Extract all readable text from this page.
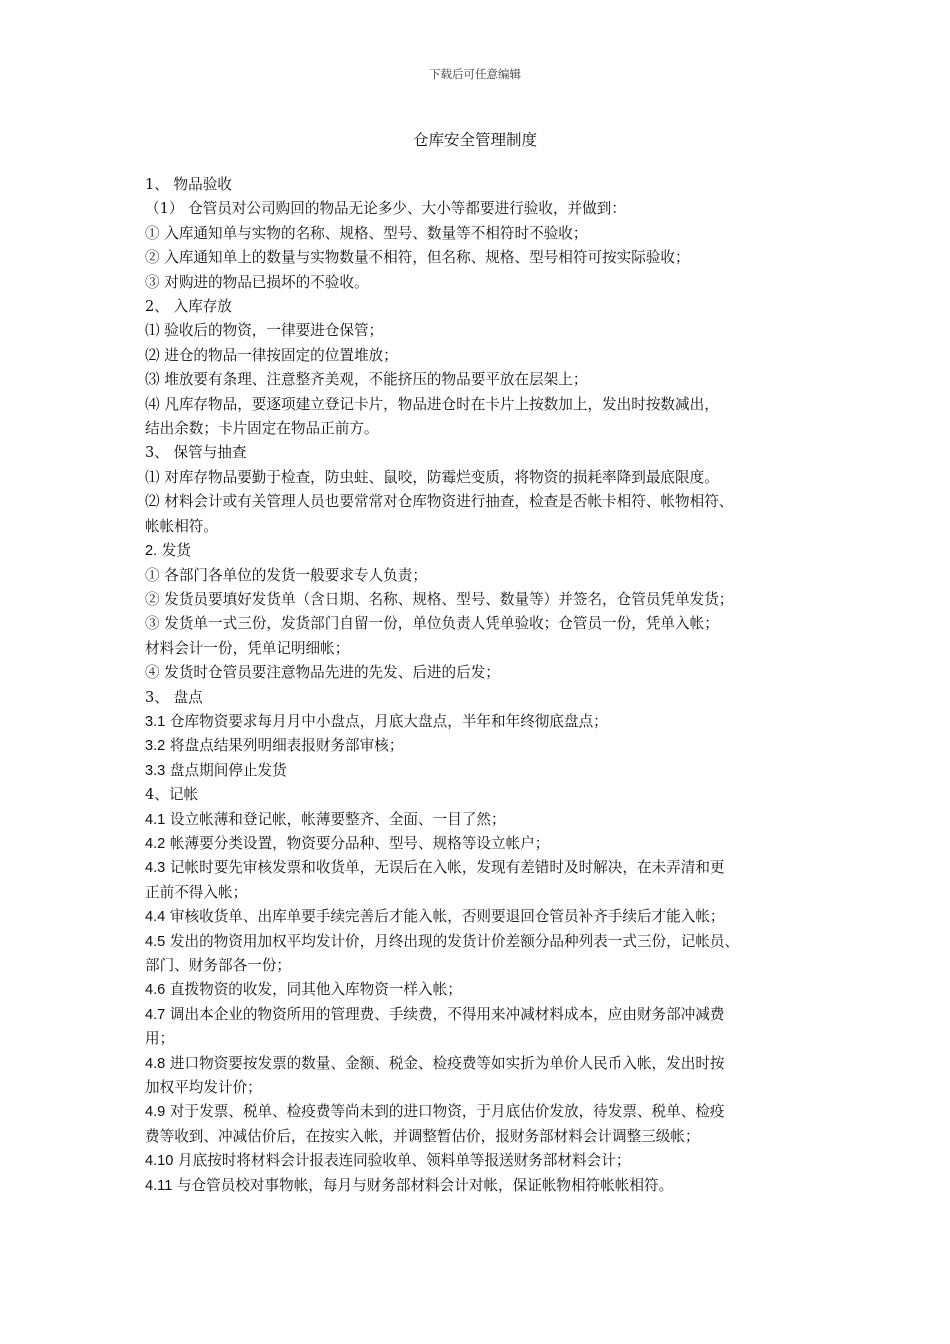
下载后可任意编辑
仓库安全管理制度
1、 物品验收
（1） 仓管员对公司购回的物品无论多少、大小等都要进行验收，并做到：
① 入库通知单与实物的名称、规格、型号、数量等不相符时不验收；
② 入库通知单上的数量与实物数量不相符，但名称、规格、型号相符可按实际验收；
③ 对购进的物品已损坏的不验收。
2、 入库存放
⑴ 验收后的物资，一律要进仓保管；
⑵ 进仓的物品一律按固定的位置堆放；
⑶ 堆放要有条理、注意整齐美观，不能挤压的物品要平放在层架上；
⑷ 凡库存物品，要逐项建立登记卡片，物品进仓时在卡片上按数加上，发出时按数减出，
结出余数；卡片固定在物品正前方。
3、 保管与抽查
⑴ 对库存物品要勤于检查，防虫蛀、鼠咬，防霉烂变质，将物资的损耗率降到最底限度。
⑵ 材料会计或有关管理人员也要常常对仓库物资进行抽查，检查是否帐卡相符、帐物相符、
帐帐相符。
2. 发货
① 各部门各单位的发货一般要求专人负责；
② 发货员要填好发货单（含日期、名称、规格、型号、数量等）并签名，仓管员凭单发货；
③ 发货单一式三份，发货部门自留一份，单位负责人凭单验收；仓管员一份，凭单入帐；
材料会计一份，凭单记明细帐；
④ 发货时仓管员要注意物品先进的先发、后进的后发；
3、 盘点
3.1 仓库物资要求每月月中小盘点，月底大盘点，半年和年终彻底盘点；
3.2 将盘点结果列明细表报财务部审核；
3.3 盘点期间停止发货
4、记帐
4.1 设立帐薄和登记帐，帐薄要整齐、全面、一目了然；
4.2 帐薄要分类设置，物资要分品种、型号、规格等设立帐户；
4.3 记帐时要先审核发票和收货单，无误后在入帐，发现有差错时及时解决，在未弄清和更
正前不得入帐；
4.4 审核收货单、出库单要手续完善后才能入帐，否则要退回仓管员补齐手续后才能入帐；
4.5 发出的物资用加权平均发计价，月终出现的发货计价差额分品种列表一式三份，记帐员、
部门、财务部各一份；
4.6 直拨物资的收发，同其他入库物资一样入帐；
4.7 调出本企业的物资所用的管理费、手续费，不得用来冲减材料成本，应由财务部冲减费
用；
4.8 进口物资要按发票的数量、金额、税金、检疫费等如实折为单价人民币入帐，发出时按
加权平均发计价；
4.9 对于发票、税单、检疫费等尚未到的进口物资，于月底估价发放，待发票、税单、检疫
费等收到、冲减估价后，在按实入帐，并调整暂估价，报财务部材料会计调整三级帐；
4.10 月底按时将材料会计报表连同验收单、领料单等报送财务部材料会计；
4.11 与仓管员校对事物帐，每月与财务部材料会计对帐，保证帐物相符帐帐相符。
